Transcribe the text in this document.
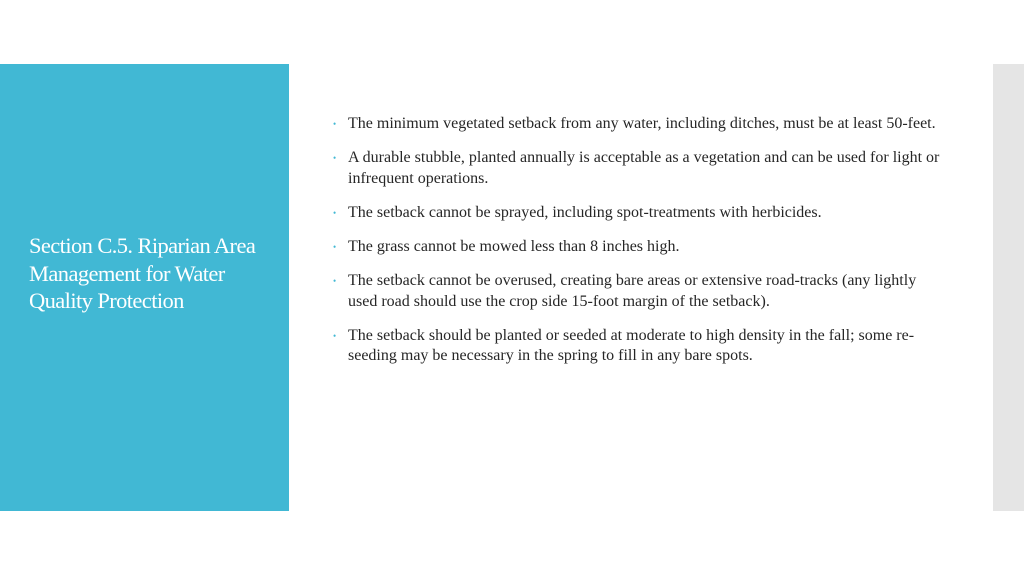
Section C.5. Riparian Area Management for Water Quality Protection
• The minimum vegetated setback from any water, including ditches, must be at least 50-feet.
• A durable stubble, planted annually is acceptable as a vegetation and can be used for light or infrequent operations.
• The setback cannot be sprayed, including spot-treatments with herbicides.
• The grass cannot be mowed less than 8 inches high.
• The setback cannot be overused, creating bare areas or extensive road-tracks (any lightly used road should use the crop side 15-foot margin of the setback).
• The setback should be planted or seeded at moderate to high density in the fall; some re-seeding may be necessary in the spring to fill in any bare spots.
